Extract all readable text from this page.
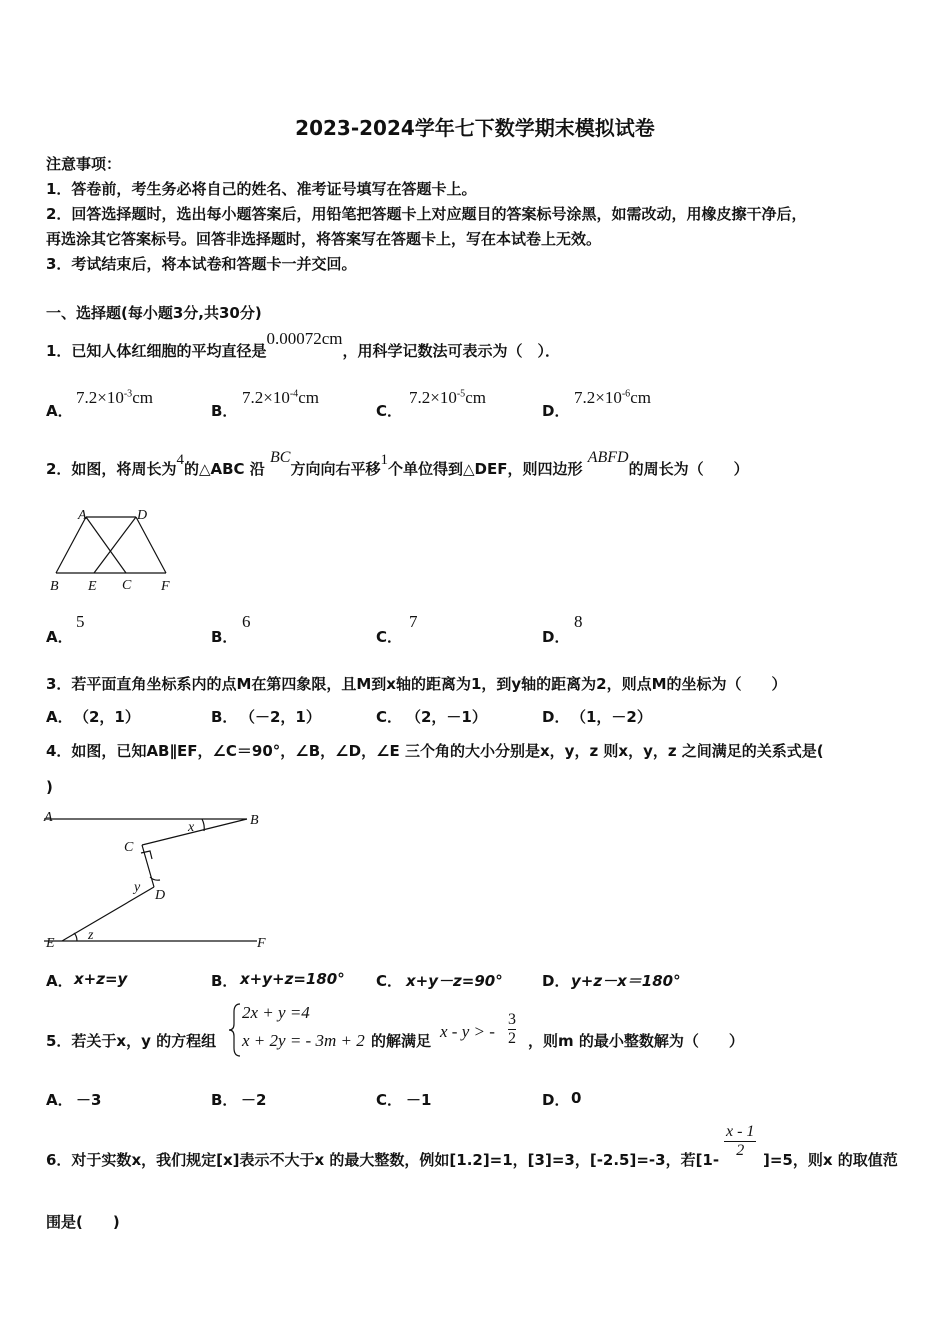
2023-2024学年七下数学期末模拟试卷
注意事项：
1．答卷前，考生务必将自己的姓名、准考证号填写在答题卡上。
2．回答选择题时，选出每小题答案后，用铅笔把答题卡上对应题目的答案标号涂黑，如需改动，用橡皮擦干净后，
再选涂其它答案标号。回答非选择题时，将答案写在答题卡上，写在本试卷上无效。
3．考试结束后，将本试卷和答题卡一并交回。
一、选择题(每小题3分,共30分)
1．已知人体红细胞的平均直径是0.00072cm，用科学记数法可表示为（　）．
A．
$7.2\times 10^{-3}cm$
B．
$7.2\times 10^{-4}cm$
C．
$7.2\times 10^{-5}cm$
D．
$7.2\times 10^{-6}cm$
2．如图，将周长为4的△ABC 沿 BC方向向右平移1个单位得到△DEF，则四边形 ABFD的周长为（　　）
A	D
B E C F
A．
5
B．
6
C．
7
D．
8
3．若平面直角坐标系内的点M在第四象限，且M到x轴的距离为1，到y轴的距离为2，则点M的坐标为（　　）
A． （2，1）	B． （－2，1）	C． （2，－1）	D． （1，－2）
4．如图，已知AB∥EF，∠C＝90°，∠B，∠D，∠E 三个角的大小分别是x，y，z 则x，y，z 之间满足的关系式是(
)
A	B
C
x
y
D
E
z
F
A． x+z=y	B． x+y+z=180° C． x+y－z=90°	D． y+z－x＝180°
5．若关于x，y 的方程组
2x + y =4
x + 2y = - 3m + 2 的解满足 x - y > - $\frac{3}{2}$ ，则m 的最小整数解为（　　）
A． －3	B． －2	C． －1	D． 0
6．对于实数x，我们规定[x]表示不大于x 的最大整数，例如[1.2]=1，[3]=3，[-2.5]=-3，若$[1- \frac{x - 1}{2} ]=5$，则x 的取值范
围是(　　)
